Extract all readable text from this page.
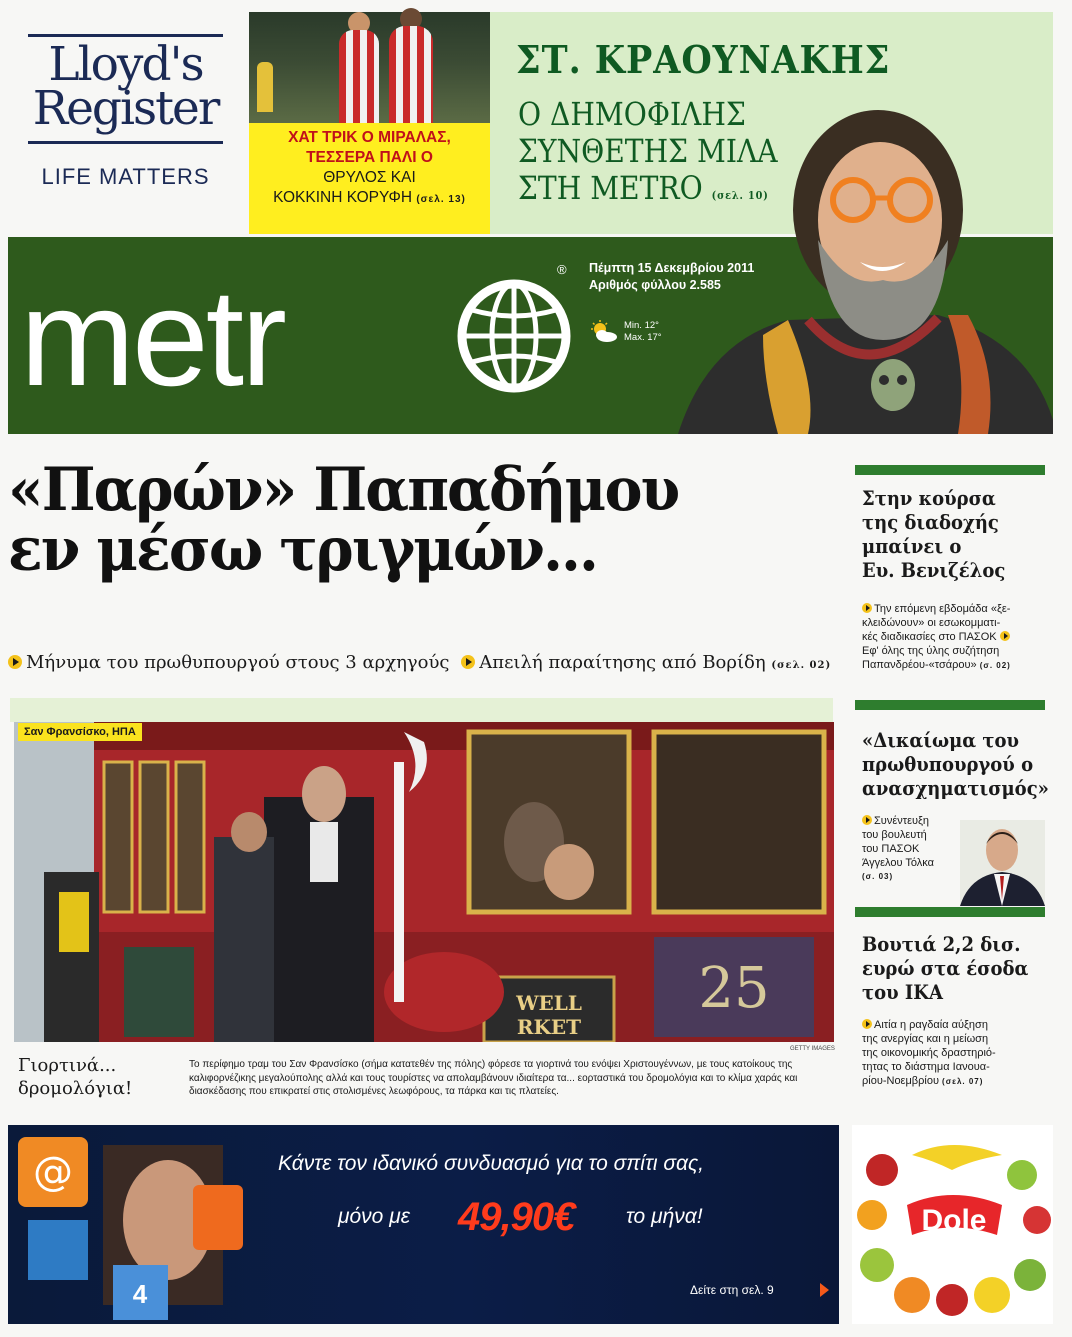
Lloyd's
Register
LIFE MATTERS
ΧΑΤ ΤΡΙΚ Ο ΜΙΡΑΛΑΣ,
ΤΕΣΣΕΡΑ ΠΑΛΙ Ο
ΘΡΥΛΟΣ ΚΑΙ
ΚΟΚΚΙΝΗ ΚΟΡΥΦΗ (σελ. 13)
ΣΤ. ΚΡΑΟΥΝΑΚΗΣ
Ο ΔΗΜΟΦΙΛΗΣ
ΣΥΝΘΕΤΗΣ ΜΙΛΑ
ΣΤΗ METRO (σελ. 10)
metr	® Πέμπτη 15 Δεκεμβρίου 2011
Αριθμός φύλλου 2.585
Min. 12°
Max. 17°
«Παρών» Παπαδήμου
εν μέσω τριγμών...
Μήνυμα του πρωθυπουργού στους 3 αρχηγούς Απειλή παραίτησης από Βορίδη (σελ. 02)
WELL
RKET
25
Σαν Φρανσίσκο, ΗΠΑ
GETTY IMAGES
Γιορτινά...
δρομολόγια!
Το περίφημο τραμ του Σαν Φρανσίσκο (σήμα κατατεθέν της πόλης) φόρεσε τα γιορτινά του ενόψει Χριστουγέννων, με τους κατοίκους της καλιφορνέζικης μεγαλούπολης αλλά και τους τουρίστες να απολαμβάνουν ιδιαίτερα τα... εορταστικά του δρομολόγια και το κλίμα χαράς και διασκέδασης που επικρατεί στις στολισμένες λεωφόρους, τα πάρκα και τις πλατείες.
Στην κούρσα
της διαδοχής
μπαίνει ο
Ευ. Βενιζέλος
Την επόμενη εβδομάδα «ξε-
κλειδώνουν» οι εσωκομματι-
κές διαδικασίες στο ΠΑΣΟΚ
Εφ' όλης της ύλης συζήτηση
Παπανδρέου-«τσάρου» (σ. 02)
«Δικαίωμα του
πρωθυπουργού ο
ανασχηματισμός»
Συνέντευξη
του βουλευτή
του ΠΑΣΟΚ
Άγγελου Τόλκα
(σ. 03)
Βουτιά 2,2 δισ.
ευρώ στα έσοδα
του ΙΚΑ
Αιτία η ραγδαία αύξηση
της ανεργίας και η μείωση
της οικονομικής δραστηριό-
τητας το διάστημα Ιανουα-
ρίου-Νοεμβρίου (σελ. 07)
@
4
Κάντε τον ιδανικό συνδυασμό για το σπίτι σας,
μόνο με 49,90€ το μήνα!
Δείτε στη σελ. 9
Dole
